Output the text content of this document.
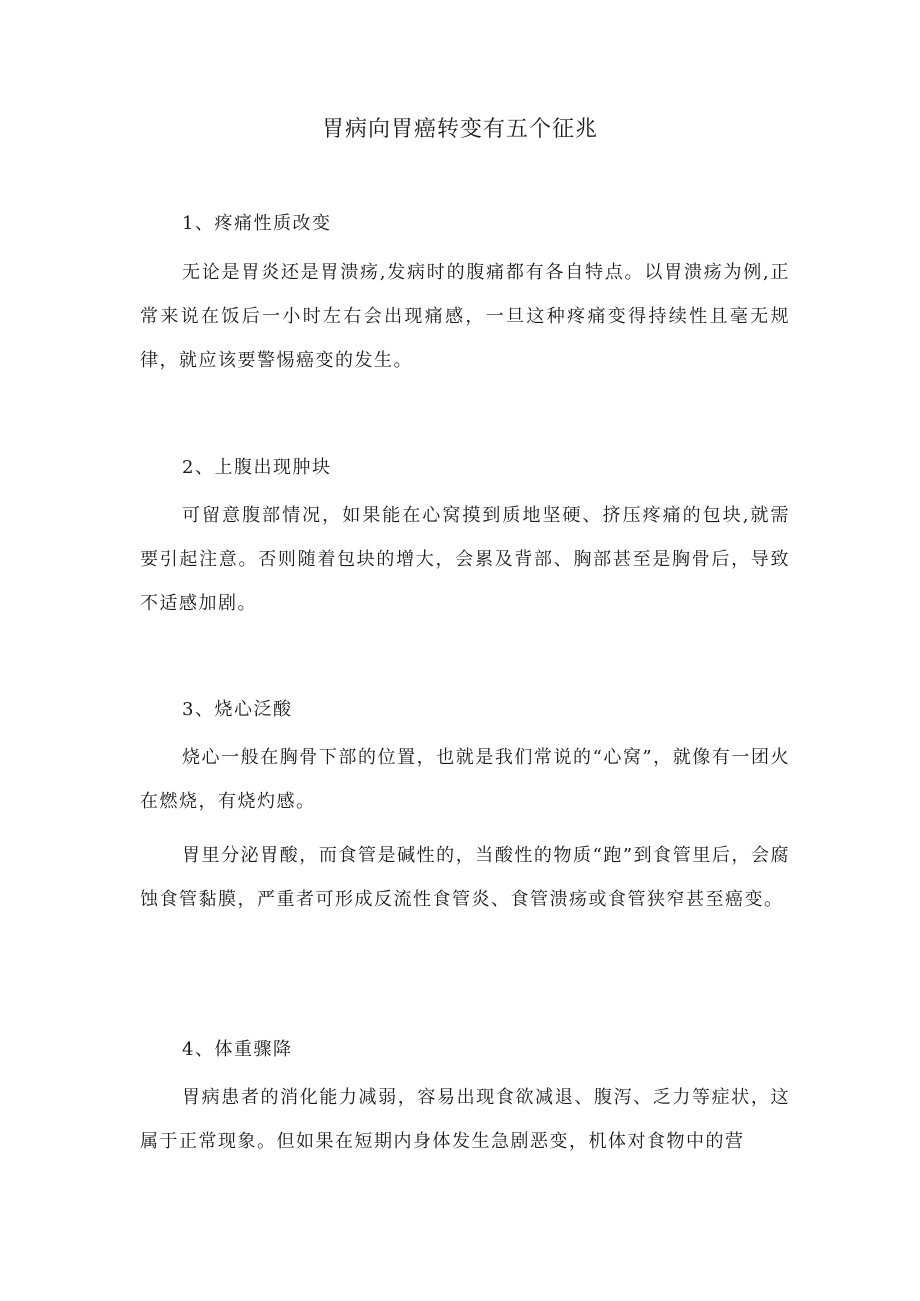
胃病向胃癌转变有五个征兆

1、疼痛性质改变

无论是胃炎还是胃溃疡,发病时的腹痛都有各自特点。以胃溃疡为例,正常来说在饭后一小时左右会出现痛感，一旦这种疼痛变得持续性且毫无规律，就应该要警惕癌变的发生。

2、上腹出现肿块

可留意腹部情况，如果能在心窝摸到质地坚硬、挤压疼痛的包块,就需要引起注意。否则随着包块的增大，会累及背部、胸部甚至是胸骨后，导致不适感加剧。

3、烧心泛酸

烧心一般在胸骨下部的位置，也就是我们常说的“心窝”，就像有一团火在燃烧，有烧灼感。

胃里分泌胃酸，而食管是碱性的，当酸性的物质“跑”到食管里后，会腐蚀食管黏膜，严重者可形成反流性食管炎、食管溃疡或食管狭窄甚至癌变。

4、体重骤降

胃病患者的消化能力减弱，容易出现食欲减退、腹泻、乏力等症状，这属于正常现象。但如果在短期内身体发生急剧恶变，机体对食物中的营
